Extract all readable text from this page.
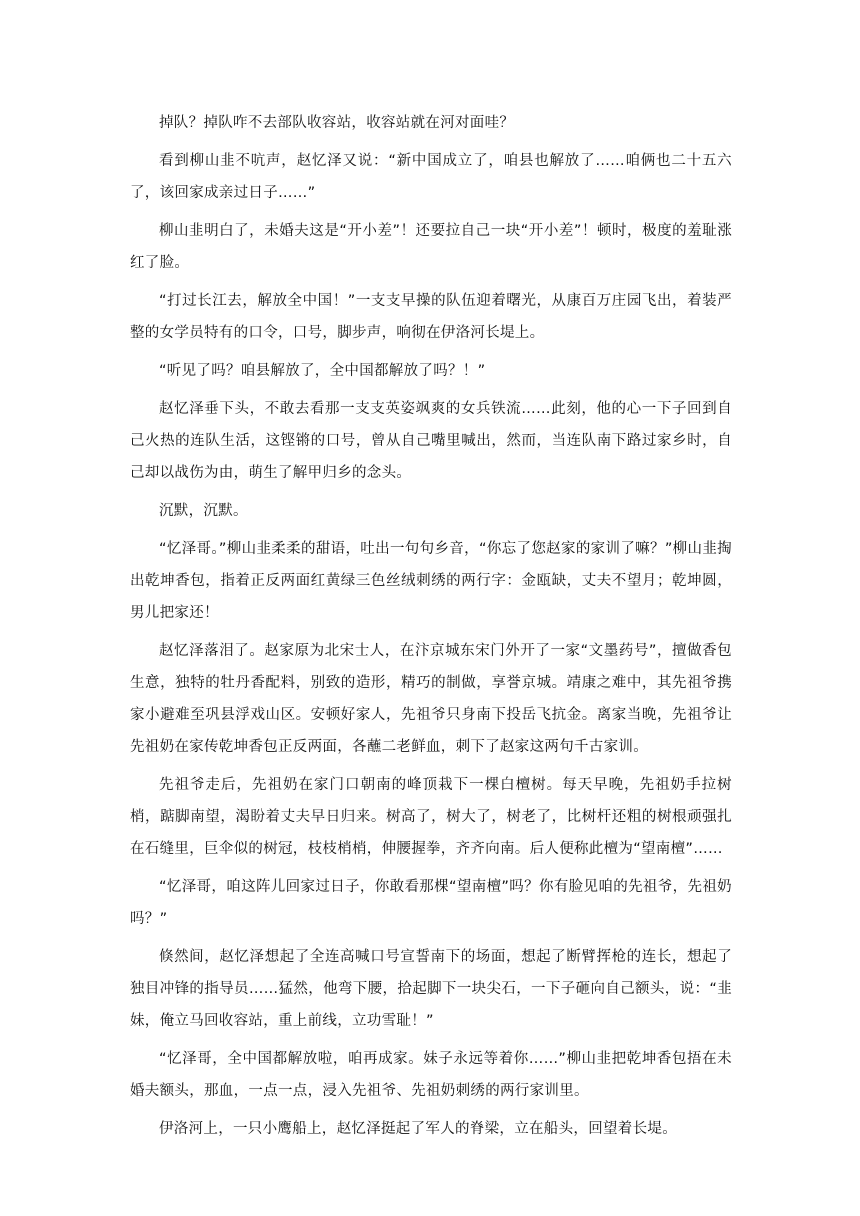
掉队？掉队咋不去部队收容站，收容站就在河对面哇？

看到柳山韭不吭声，赵忆泽又说：“新中国成立了，咱县也解放了……咱俩也二十五六了，该回家成亲过日子……”

柳山韭明白了，未婚夫这是“开小差”！还要拉自己一块“开小差”！顿时，极度的羞耻涨红了脸。

“打过长江去，解放全中国！”一支支早操的队伍迎着曙光，从康百万庄园飞出，着装严整的女学员特有的口令，口号，脚步声，响彻在伊洛河长堤上。

“听见了吗？咱县解放了，全中国都解放了吗？！”

赵忆泽垂下头，不敢去看那一支支英姿飒爽的女兵铁流……此刻，他的心一下子回到自己火热的连队生活，这铿锵的口号，曾从自己嘴里喊出，然而，当连队南下路过家乡时，自己却以战伤为由，萌生了解甲归乡的念头。

沉默，沉默。

“忆泽哥。”柳山韭柔柔的甜语，吐出一句句乡音，“你忘了您赵家的家训了嘛？”柳山韭掏出乾坤香包，指着正反两面红黄绿三色丝绒刺绣的两行字：金瓯缺，丈夫不望月；乾坤圆，男儿把家还！

赵忆泽落泪了。赵家原为北宋士人，在汴京城东宋门外开了一家“文墨药号”，擅做香包生意，独特的牡丹香配料，别致的造形，精巧的制做，享誉京城。靖康之难中，其先祖爷携家小避难至巩县浮戏山区。安顿好家人，先祖爷只身南下投岳飞抗金。离家当晚，先祖爷让先祖奶在家传乾坤香包正反两面，各蘸二老鲜血，刺下了赵家这两句千古家训。

先祖爷走后，先祖奶在家门口朝南的峰顶栽下一棵白檀树。每天早晚，先祖奶手拉树梢，踮脚南望，渴盼着丈夫早日归来。树高了，树大了，树老了，比树杆还粗的树根顽强扎在石缝里，巨伞似的树冠，枝枝梢梢，伸腰握拳，齐齐向南。后人便称此檀为“望南檀”……

“忆泽哥，咱这阵儿回家过日子，你敢看那棵“望南檀”吗？你有脸见咱的先祖爷，先祖奶吗？”

倏然间，赵忆泽想起了全连高喊口号宣誓南下的场面，想起了断臂挥枪的连长，想起了独目冲锋的指导员……猛然，他弯下腰，拾起脚下一块尖石，一下子砸向自己额头，说：“韭妹，俺立马回收容站，重上前线，立功雪耻！”

“忆泽哥，全中国都解放啦，咱再成家。妹子永远等着你……”柳山韭把乾坤香包捂在未婚夫额头，那血，一点一点，浸入先祖爷、先祖奶刺绣的两行家训里。

伊洛河上，一只小鹰船上，赵忆泽挺起了军人的脊梁，立在船头，回望着长堤。
